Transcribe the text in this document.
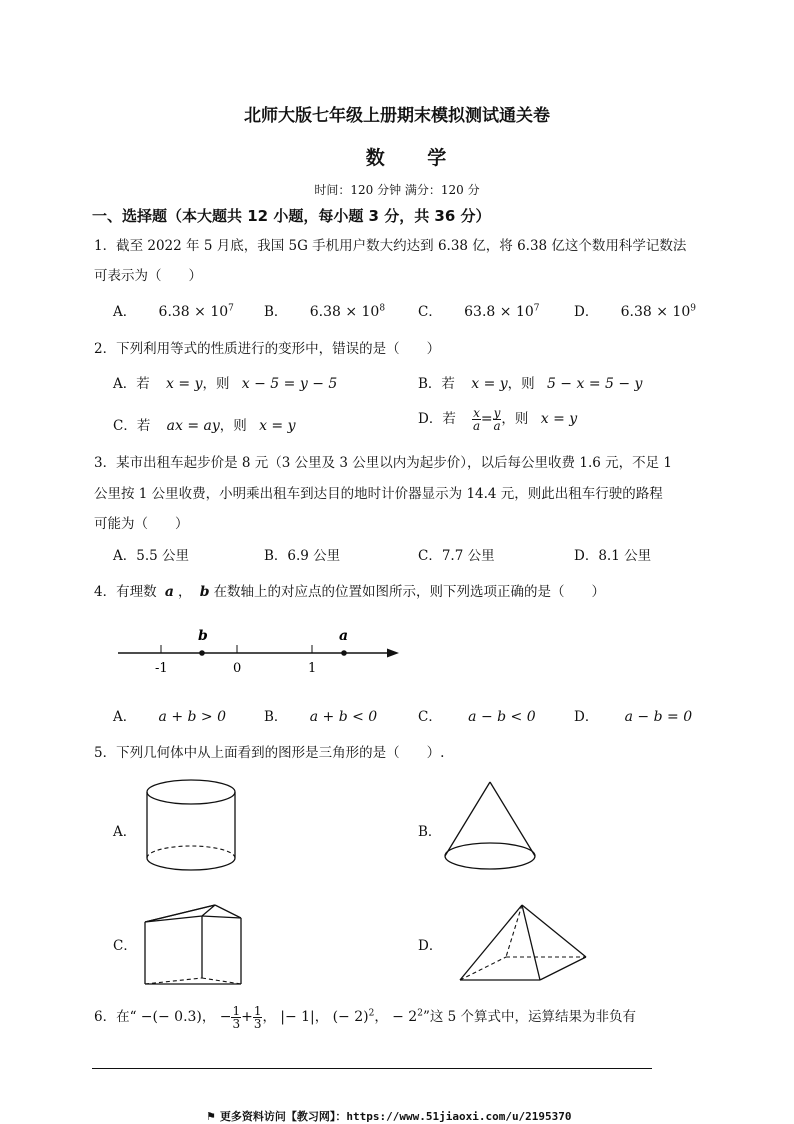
北师大版七年级上册期末模拟测试通关卷
数 学
时间：120 分钟 满分：120 分
一、选择题（本大题共 12 小题，每小题 3 分，共 36 分）
1．截至 2022 年 5 月底，我国 5G 手机用户数大约达到 6.38 亿，将 6.38 亿这个数用科学记数法
可表示为（　　）
A． $6.38 \times 10^7$ B． $6.38 \times 10^8$ C． $63.8 \times 10^7$	D． $6.38 \times 10^9$
2．下列利用等式的性质进行的变形中，错误的是（　　）
A．若 x = y，则 x − 5 = y − 5	B．若 x = y，则 5 − x = 5 − y
C．若 ax = ay，则 x = y	D．若 $\frac{x}{a} = \frac{y}{a}$ ，则 x = y
3．某市出租车起步价是 8 元（3 公里及 3 公里以内为起步价），以后每公里收费 1.6 元，不足 1
公里按 1 公里收费，小明乘出租车到达目的地时计价器显示为 14.4 元，则此出租车行驶的路程
可能为（　　）
A．5.5 公里	B．6.9 公里	C．7.7 公里	D．8.1 公里
4．有理数 a ， b 在数轴上的对应点的位置如图所示，则下列选项正确的是（　　）
b	a
-1	0	1
A． a + b > 0	B． a + b < 0	C． a − b < 0	D． a − b = 0
5．下列几何体中从上面看到的图形是三角形的是（　　）.
A．	B．
C．	D．
6．在“ −(− 0.3)， − $\frac{1}{3} + \frac{1}{3}$ ， |− 1|， (− 2)$^2$， − $2^2$”这 5 个算式中，运算结果为非负有
⚑ 更多资料访问【教习网】：https://www.51jiaoxi.com/u/2195370
